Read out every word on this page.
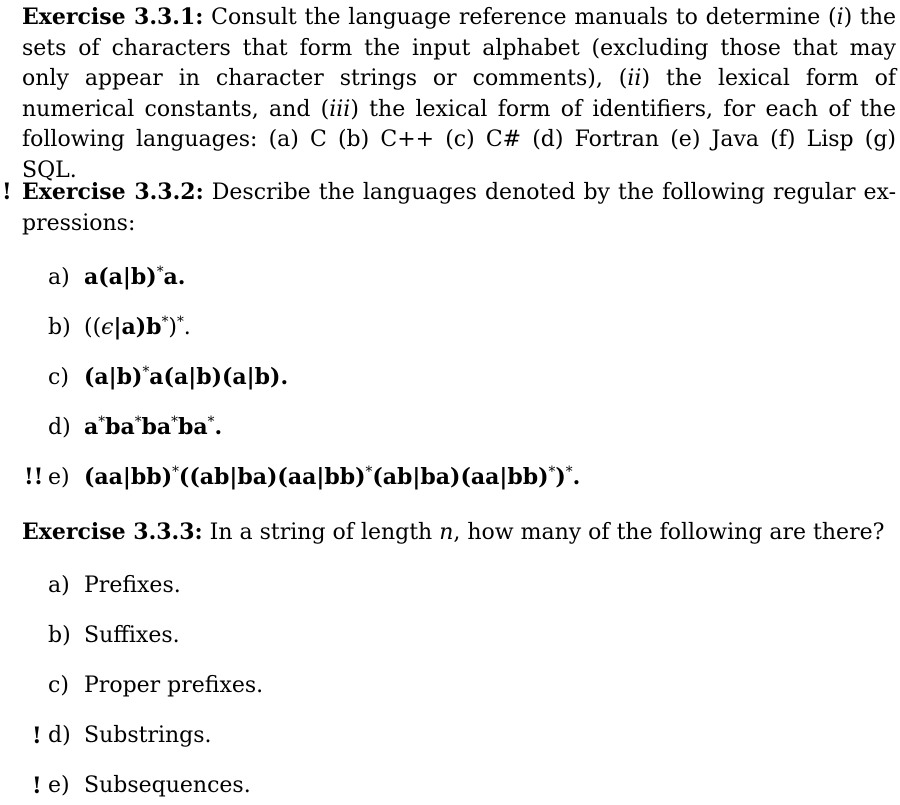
Exercise 3.3.1: Consult the language reference manuals to determine (i) the sets of characters that form the input alphabet (excluding those that may only appear in character strings or comments), (ii) the lexical form of numerical constants, and (iii) the lexical form of identifiers, for each of the following languages: (a) C (b) C++ (c) C# (d) Fortran (e) Java (f) Lisp (g) SQL.

! Exercise 3.3.2: Describe the languages denoted by the following regular ex- pressions:

a) a(a|b)*a.
b) ((ϵ|a)b*)*.
c) (a|b)*a(a|b)(a|b).
d) a*ba*ba*ba*.
!! e) (aa|bb)*((ab|ba)(aa|bb)*(ab|ba)(aa|bb)*)*.

Exercise 3.3.3: In a string of length n, how many of the following are there?

a) Prefixes.
b) Suffixes.
c) Proper prefixes.
! d) Substrings.
! e) Subsequences.
